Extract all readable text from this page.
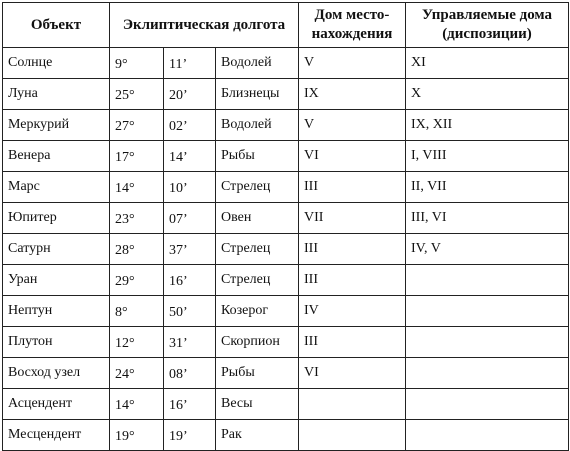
Объект	Эклиптическая долгота			Дом место-нахождения	Управляемые дома (диспозиции)
Солнце	9°	11’	Водолей	V	XI
Луна	25°	20’	Близнецы	IX	X
Меркурий	27°	02’	Водолей	V	IX, XII
Венера	17°	14’	Рыбы	VI	I, VIII
Марс	14°	10’	Стрелец	III	II, VII
Юпитер	23°	07’	Овен	VII	III, VI
Сатурн	28°	37’	Стрелец	III	IV, V
Уран	29°	16’	Стрелец	III	
Нептун	8°	50’	Козерог	IV	
Плутон	12°	31’	Скорпион	III	
Восход узел	24°	08’	Рыбы	VI	
Асцендент	14°	16’	Весы		
Месцендент	19°	19’	Рак		
